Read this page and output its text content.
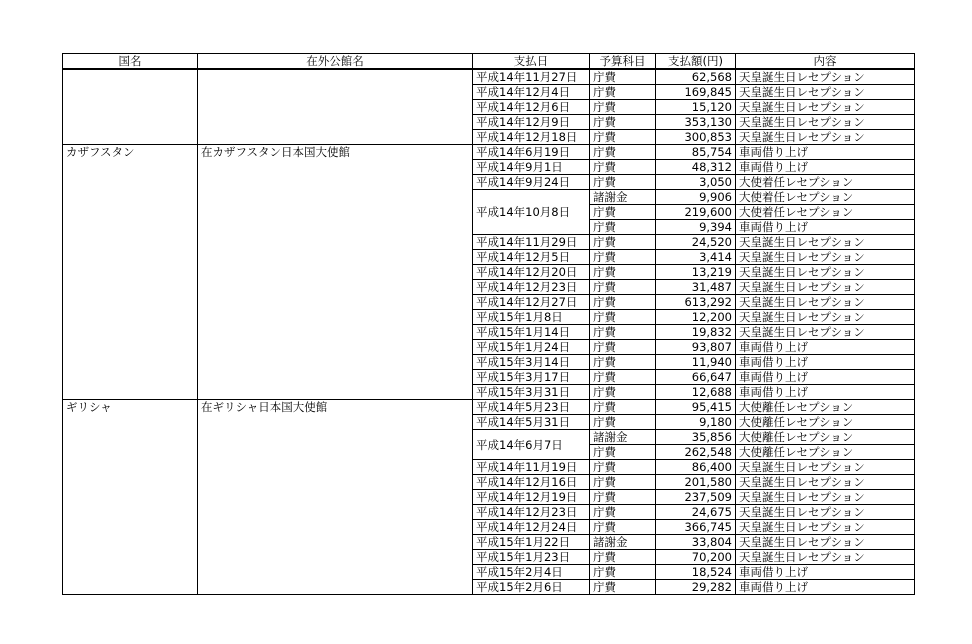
国名	在外公館名	支払日	予算科目	支払額(円)	内容
		平成14年11月27日	庁費	62,568	天皇誕生日レセプション
		平成14年12月4日	庁費	169,845	天皇誕生日レセプション
		平成14年12月6日	庁費	15,120	天皇誕生日レセプション
		平成14年12月9日	庁費	353,130	天皇誕生日レセプション
		平成14年12月18日	庁費	300,853	天皇誕生日レセプション
カザフスタン	在カザフスタン日本国大使館	平成14年6月19日	庁費	85,754	車両借り上げ
		平成14年9月1日	庁費	48,312	車両借り上げ
		平成14年9月24日	庁費	3,050	大使着任レセプション
		平成14年10月8日	諸謝金	9,906	大使着任レセプション
			庁費	219,600	大使着任レセプション
			庁費	9,394	車両借り上げ
		平成14年11月29日	庁費	24,520	天皇誕生日レセプション
		平成14年12月5日	庁費	3,414	天皇誕生日レセプション
		平成14年12月20日	庁費	13,219	天皇誕生日レセプション
		平成14年12月23日	庁費	31,487	天皇誕生日レセプション
		平成14年12月27日	庁費	613,292	天皇誕生日レセプション
		平成15年1月8日	庁費	12,200	天皇誕生日レセプション
		平成15年1月14日	庁費	19,832	天皇誕生日レセプション
		平成15年1月24日	庁費	93,807	車両借り上げ
		平成15年3月14日	庁費	11,940	車両借り上げ
		平成15年3月17日	庁費	66,647	車両借り上げ
		平成15年3月31日	庁費	12,688	車両借り上げ
ギリシャ	在ギリシャ日本国大使館	平成14年5月23日	庁費	95,415	大使離任レセプション
		平成14年5月31日	庁費	9,180	大使離任レセプション
		平成14年6月7日	諸謝金	35,856	大使離任レセプション
			庁費	262,548	大使離任レセプション
		平成14年11月19日	庁費	86,400	天皇誕生日レセプション
		平成14年12月16日	庁費	201,580	天皇誕生日レセプション
		平成14年12月19日	庁費	237,509	天皇誕生日レセプション
		平成14年12月23日	庁費	24,675	天皇誕生日レセプション
		平成14年12月24日	庁費	366,745	天皇誕生日レセプション
		平成15年1月22日	諸謝金	33,804	天皇誕生日レセプション
		平成15年1月23日	庁費	70,200	天皇誕生日レセプション
		平成15年2月4日	庁費	18,524	車両借り上げ
		平成15年2月6日	庁費	29,282	車両借り上げ
